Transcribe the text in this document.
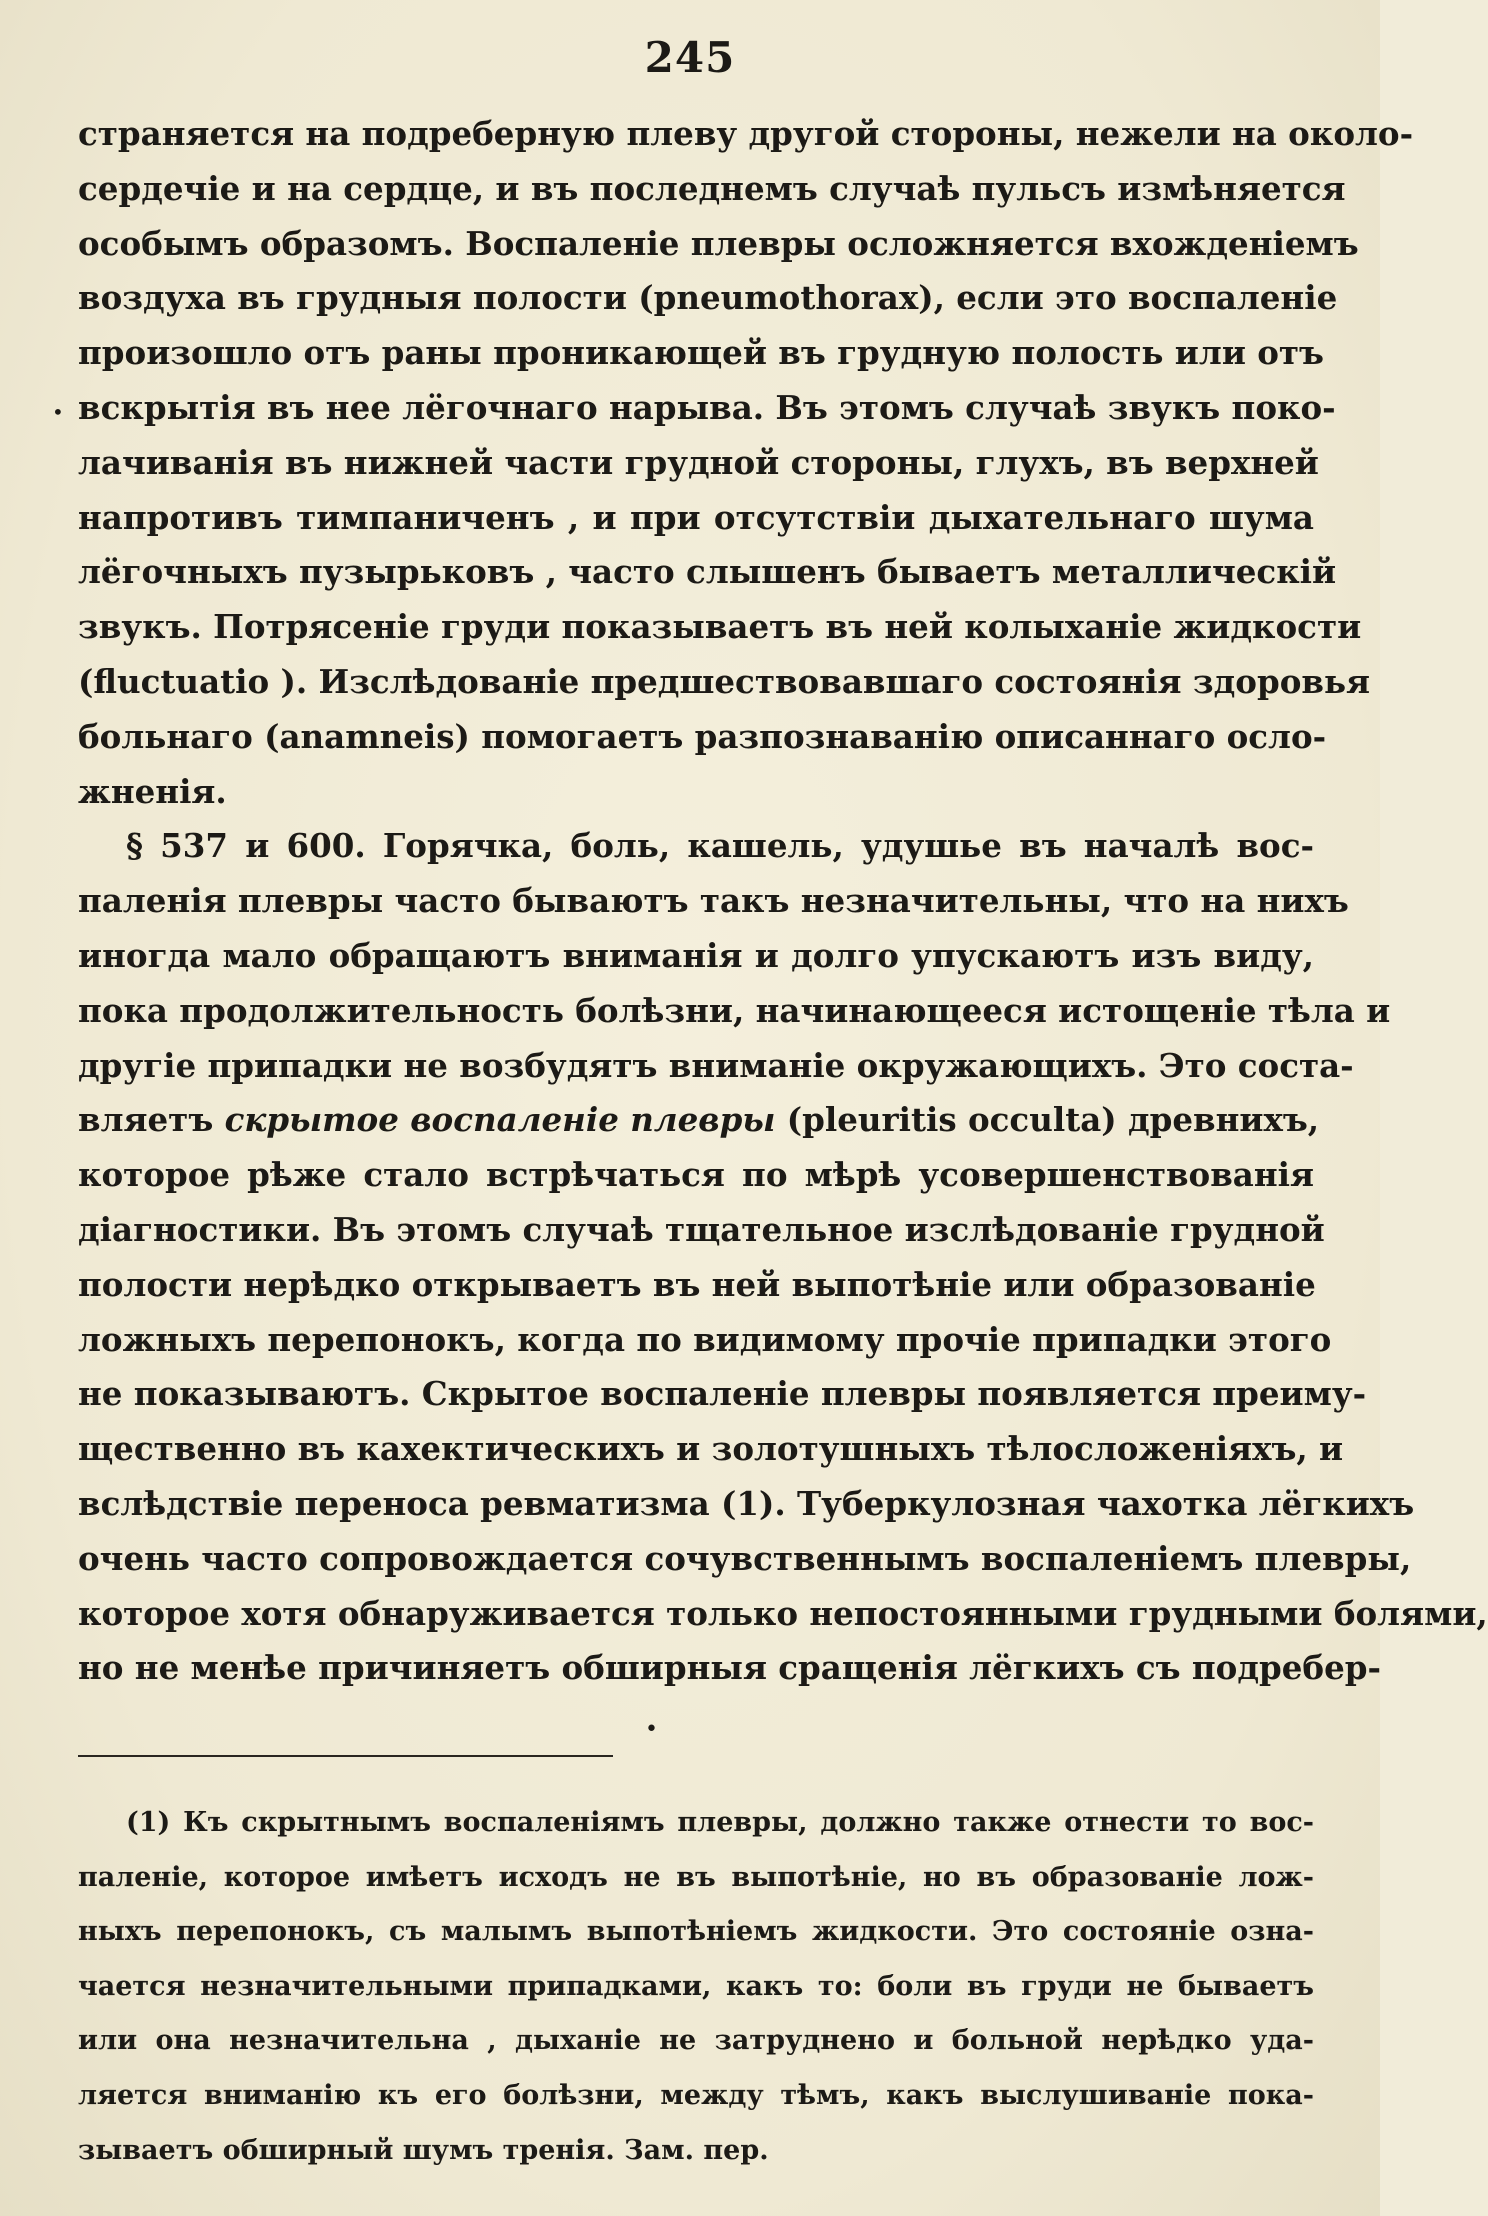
245
•
страняется на подреберную плеву другой стороны, нежели на около-
сердечіе и на сердце, и въ последнемъ случаѣ пульсъ измѣняется
особымъ образомъ. Воспаленіе плевры осложняется вхожденіемъ
воздуха въ грудныя полости (pneumothorax), если это воспаленіе
произошло отъ раны проникающей въ грудную полость или отъ
вскрытія въ нее лёгочнаго нарыва. Въ этомъ случаѣ звукъ поко-
лачиванія въ нижней части грудной стороны, глухъ, въ верхней
напротивъ тимпаниченъ , и при отсутствіи дыхательнаго шума
лёгочныхъ пузырьковъ , часто слышенъ бываетъ металлическій
звукъ. Потрясеніе груди показываетъ въ ней колыханіе жидкости
(fluctuatio ). Изслѣдованіе предшествовавшаго состоянія здоровья
больнаго (anamneis) помогаетъ разпознаванію описаннаго ослo-
жненія.
§ 537 и 600. Горячка, боль, кашель, удушье въ началѣ вос-
паленія плевры часто бываютъ такъ незначительны, что на нихъ
иногда мало обращаютъ вниманія и долго упускаютъ изъ виду,
пока продолжительность болѣзни, начинающееся истощеніе тѣла и
другіе припадки не возбудятъ вниманіе окружающихъ. Это соста-
вляетъ скрытое воспаленіе плевры (pleuritis occulta) древнихъ,
которое рѣже стало встрѣчаться по мѣрѣ усовершенствованія
діагностики. Въ этомъ случаѣ тщательное изслѣдованіе грудной
полости нерѣдко открываетъ въ ней выпотѣніе или образованіе
ложныхъ перепонокъ, когда по видимому прочіе припадки этого
не показываютъ. Скрытое воспаленіе плевры появляется преиму-
щественно въ кахектическихъ и золотушныхъ тѣлосложеніяхъ, и
вслѣдствіе переноса ревматизма (1). Туберкулозная чахотка лёгкихъ
очень часто сопровождается сочувственнымъ воспаленіемъ плевры,
которое хотя обнаруживается только непостоянными грудными болями,
но не менѣе причиняетъ обширныя сращенія лёгкихъ съ подребер-
•
(1) Къ скрытнымъ воспаленіямъ плевры, должно также отнести то вос-
паленіе, которое имѣетъ исходъ не въ выпотѣніе, но въ образованіе лож-
ныхъ перепонокъ, съ малымъ выпотѣніемъ жидкости. Это состояніе озна-
чается незначительными припадками, какъ то: боли въ груди не бываетъ
или она незначительна , дыханіе не затруднено и больной нерѣдко уда-
ляется вниманію къ его болѣзни, между тѣмъ, какъ выслушиваніе пока-
зываетъ обширный шумъ тренія. Зам. пер.
